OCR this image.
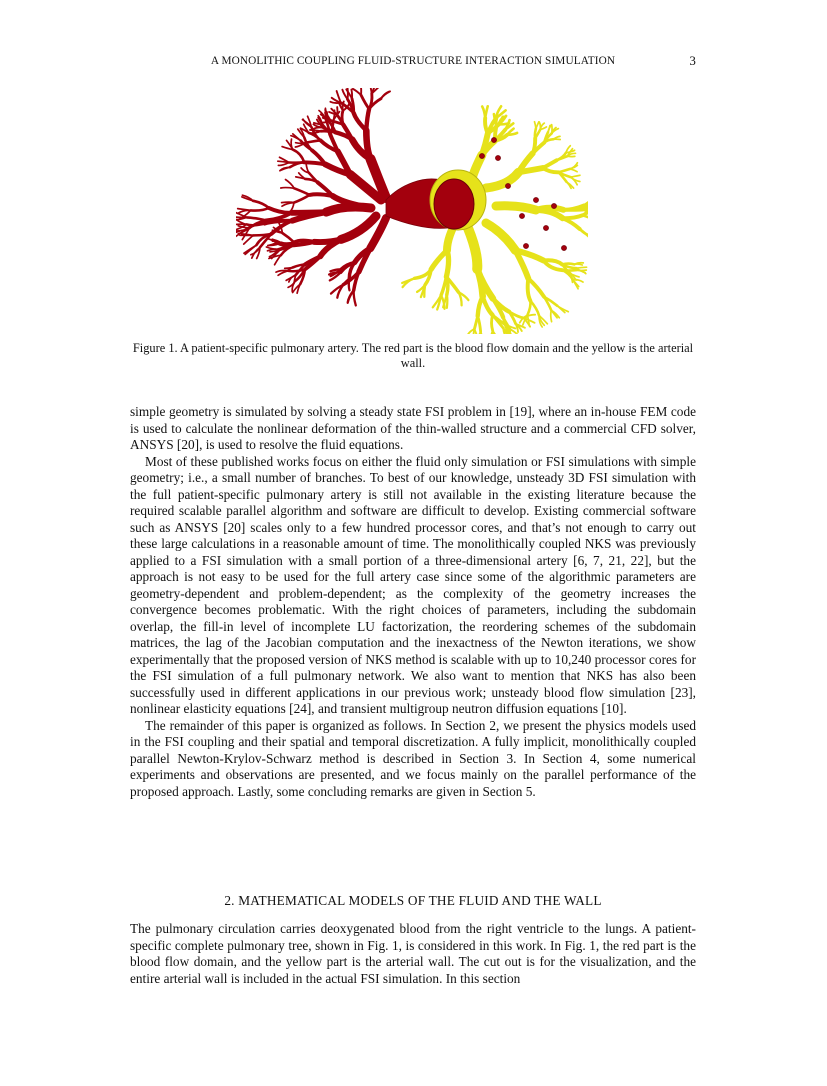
A MONOLITHIC COUPLING FLUID-STRUCTURE INTERACTION SIMULATION	3
Figure 1. A patient-specific pulmonary artery. The red part is the blood flow domain and the yellow is the arterial wall.

simple geometry is simulated by solving a steady state FSI problem in [19], where an in-house FEM code is used to calculate the nonlinear deformation of the thin-walled structure and a commercial CFD solver, ANSYS [20], is used to resolve the fluid equations.

Most of these published works focus on either the fluid only simulation or FSI simulations with simple geometry; i.e., a small number of branches. To best of our knowledge, unsteady 3D FSI simulation with the full patient-specific pulmonary artery is still not available in the existing literature because the required scalable parallel algorithm and software are difficult to develop. Existing commercial software such as ANSYS [20] scales only to a few hundred processor cores, and that’s not enough to carry out these large calculations in a reasonable amount of time. The monolithically coupled NKS was previously applied to a FSI simulation with a small portion of a three-dimensional artery [6, 7, 21, 22], but the approach is not easy to be used for the full artery case since some of the algorithmic parameters are geometry-dependent and problem-dependent; as the complexity of the geometry increases the convergence becomes problematic. With the right choices of parameters, including the subdomain overlap, the fill-in level of incomplete LU factorization, the reordering schemes of the subdomain matrices, the lag of the Jacobian computation and the inexactness of the Newton iterations, we show experimentally that the proposed version of NKS method is scalable with up to 10,240 processor cores for the FSI simulation of a full pulmonary network. We also want to mention that NKS has also been successfully used in different applications in our previous work; unsteady blood flow simulation [23], nonlinear elasticity equations [24], and transient multigroup neutron diffusion equations [10].

The remainder of this paper is organized as follows. In Section 2, we present the physics models used in the FSI coupling and their spatial and temporal discretization. A fully implicit, monolithically coupled parallel Newton-Krylov-Schwarz method is described in Section 3. In Section 4, some numerical experiments and observations are presented, and we focus mainly on the parallel performance of the proposed approach. Lastly, some concluding remarks are given in Section 5.

2. MATHEMATICAL MODELS OF THE FLUID AND THE WALL

The pulmonary circulation carries deoxygenated blood from the right ventricle to the lungs. A patient-specific complete pulmonary tree, shown in Fig. 1, is considered in this work. In Fig. 1, the red part is the blood flow domain, and the yellow part is the arterial wall. The cut out is for the visualization, and the entire arterial wall is included in the actual FSI simulation. In this section
